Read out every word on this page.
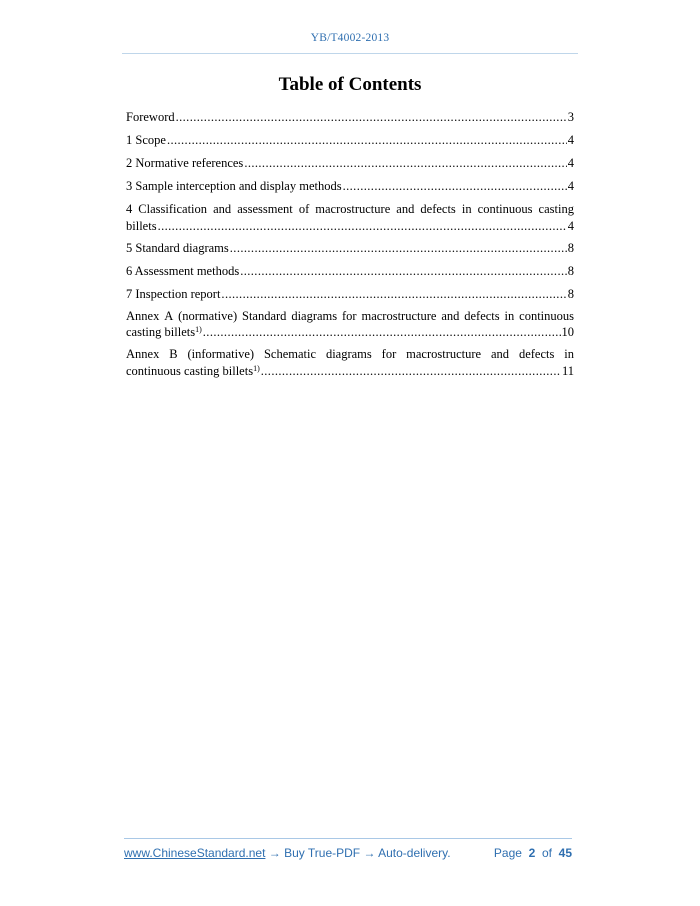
YB/T4002-2013
Table of Contents
Foreword .....	3
1 Scope .....	4
2 Normative references .....	4
3 Sample interception and display methods .....	4
4 Classification and assessment of macrostructure and defects in continuous casting
billets .....	4
5 Standard diagrams .....	8
6 Assessment methods .....	8
7 Inspection report .....	8
Annex A (normative) Standard diagrams for macrostructure and defects in continuous
casting billets$^{1)}$ .....	10
Annex B (informative) Schematic diagrams for macrostructure and defects in
continuous casting billets$^{1)}$ .....	11
www.ChineseStandard.net → Buy True-PDF → Auto-delivery.	Page 2 of 45
